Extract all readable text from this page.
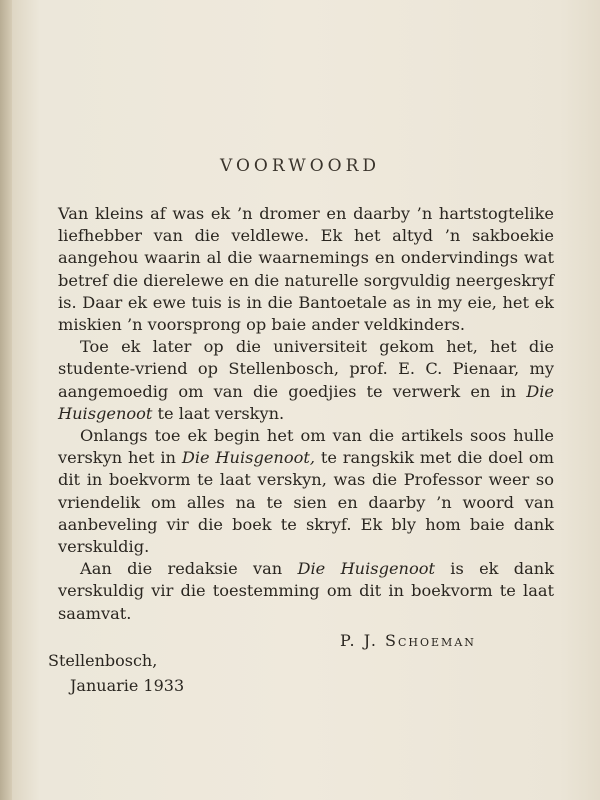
VOORWOORD

Van kleins af was ek ’n dromer en daarby ’n hartstogtelike liefhebber van die veldlewe. Ek het altyd ’n sakboekie aangehou waarin al die waarnemings en ondervindings wat betref die dierelewe en die naturelle sorgvuldig neergeskryf is. Daar ek ewe tuis is in die Bantoetale as in my eie, het ek miskien ’n voorsprong op baie ander veldkinders.

Toe ek later op die universiteit gekom het, het die studente-vriend op Stellenbosch, prof. E. C. Pienaar, my aangemoedig om van die goedjies te verwerk en in Die Huisgenoot te laat verskyn.

Onlangs toe ek begin het om van die artikels soos hulle verskyn het in Die Huisgenoot, te rangskik met die doel om dit in boekvorm te laat verskyn, was die Professor weer so vriendelik om alles na te sien en daarby ’n woord van aanbeveling vir die boek te skryf. Ek bly hom baie dank verskuldig.

Aan die redaksie van Die Huisgenoot is ek dank verskuldig vir die toestemming om dit in boekvorm te laat saamvat.

P. J. Schoeman
Stellenbosch,
Januarie 1933
